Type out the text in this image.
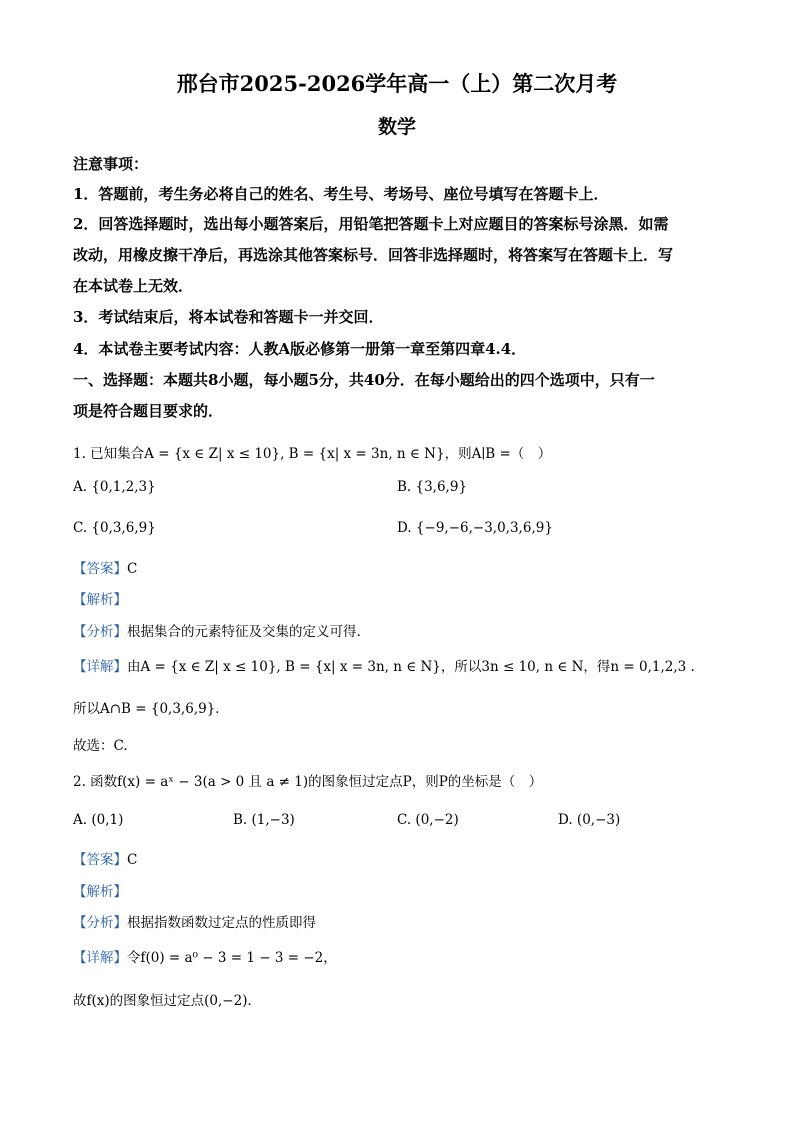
邢台市2025-2026学年高一（上）第二次月考
数学
注意事项：
1．答题前，考生务必将自己的姓名、考生号、考场号、座位号填写在答题卡上．
2．回答选择题时，选出每小题答案后，用铅笔把答题卡上对应题目的答案标号涂黑．如需
改动，用橡皮擦干净后，再选涂其他答案标号．回答非选择题时，将答案写在答题卡上．写
在本试卷上无效．
3．考试结束后，将本试卷和答题卡一并交回．
4．本试卷主要考试内容：人教A版必修第一册第一章至第四章4.4．
一、选择题：本题共8小题，每小题5分，共40分．在每小题给出的四个选项中，只有一
项是符合题目要求的．
1. 已知集合A = {x ∈ Z| x ≤ 10}, B = {x| x = 3n, n ∈ N}，则A∣B =（　）
A. {0,1,2,3}	B. {3,6,9}
C. {0,3,6,9}	D. {−9,−6,−3,0,3,6,9}
【答案】C
【解析】
【分析】根据集合的元素特征及交集的定义可得.
【详解】由A = {x ∈ Z| x ≤ 10}, B = {x| x = 3n, n ∈ N}，所以3n ≤ 10, n ∈ N，得n = 0,1,2,3 .
所以A∩B = {0,3,6,9}．
故选：C.
2. 函数f(x) = aˣ − 3(a > 0 且 a ≠ 1)的图象恒过定点P，则P的坐标是（　）
A. (0,1)	B. (1,−3)	C. (0,−2)	D. (0,−3)
【答案】C
【解析】
【分析】根据指数函数过定点的性质即得
【详解】令f(0) = a⁰ − 3 = 1 − 3 = −2，
故f(x)的图象恒过定点(0,−2)．
